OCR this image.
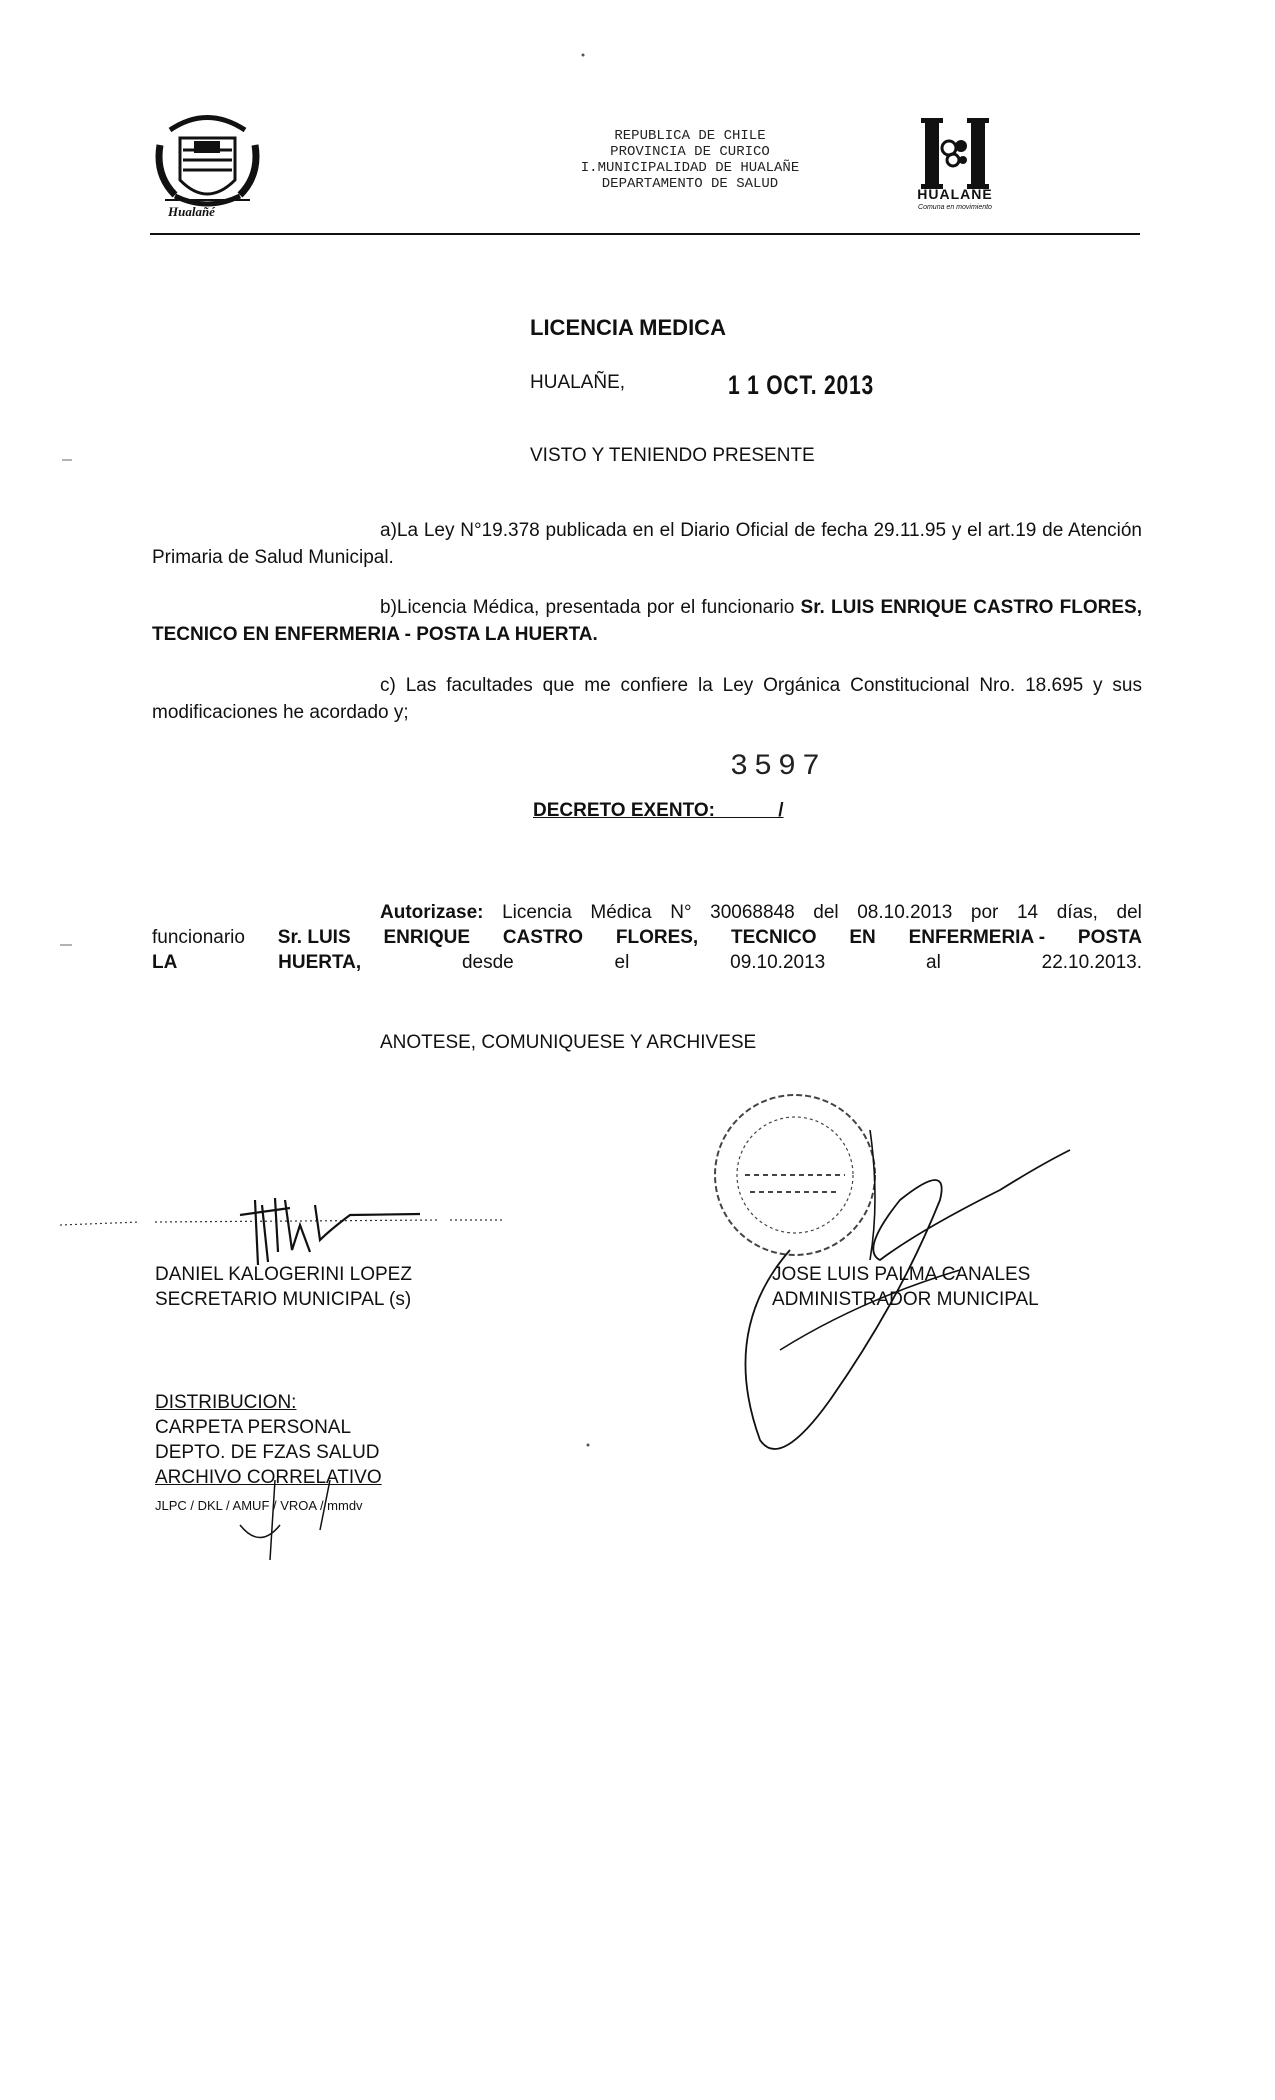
Hualañé
REPUBLICA DE CHILE
PROVINCIA DE CURICO
I.MUNICIPALIDAD DE HUALAÑE
DEPARTAMENTO DE SALUD
HUALAÑE
Comuna en movimiento
LICENCIA MEDICA
HUALAÑE,	1 1 OCT. 2013
VISTO Y TENIENDO PRESENTE
a)La Ley N°19.378 publicada en el Diario Oficial de fecha 29.11.95 y el art.19 de Atención Primaria de Salud Municipal.
b)Licencia Médica, presentada por el funcionario Sr. LUIS ENRIQUE CASTRO FLORES, TECNICO EN ENFERMERIA - POSTA LA HUERTA.
c) Las facultades que me confiere la Ley Orgánica Constitucional Nro. 18.695 y sus modificaciones he acordado y;
3597
DECRETO EXENTO:            /
Autorizase: Licencia Médica N° 30068848 del 08.10.2013 por 14 días, del
funcionario Sr. LUIS ENRIQUE CASTRO FLORES, TECNICO EN ENFERMERIA - POSTA
LA	HUERTA,	desde	el	09.10.2013	al	22.10.2013.
ANOTESE, COMUNIQUESE Y ARCHIVESE
DANIEL KALOGERINI LOPEZ
SECRETARIO MUNICIPAL (s)
JOSE LUIS PALMA CANALES
ADMINISTRADOR MUNICIPAL
DISTRIBUCION:
CARPETA PERSONAL
DEPTO. DE FZAS SALUD
ARCHIVO CORRELATIVO
JLPC / DKL / AMUF / VROA / mmdv
